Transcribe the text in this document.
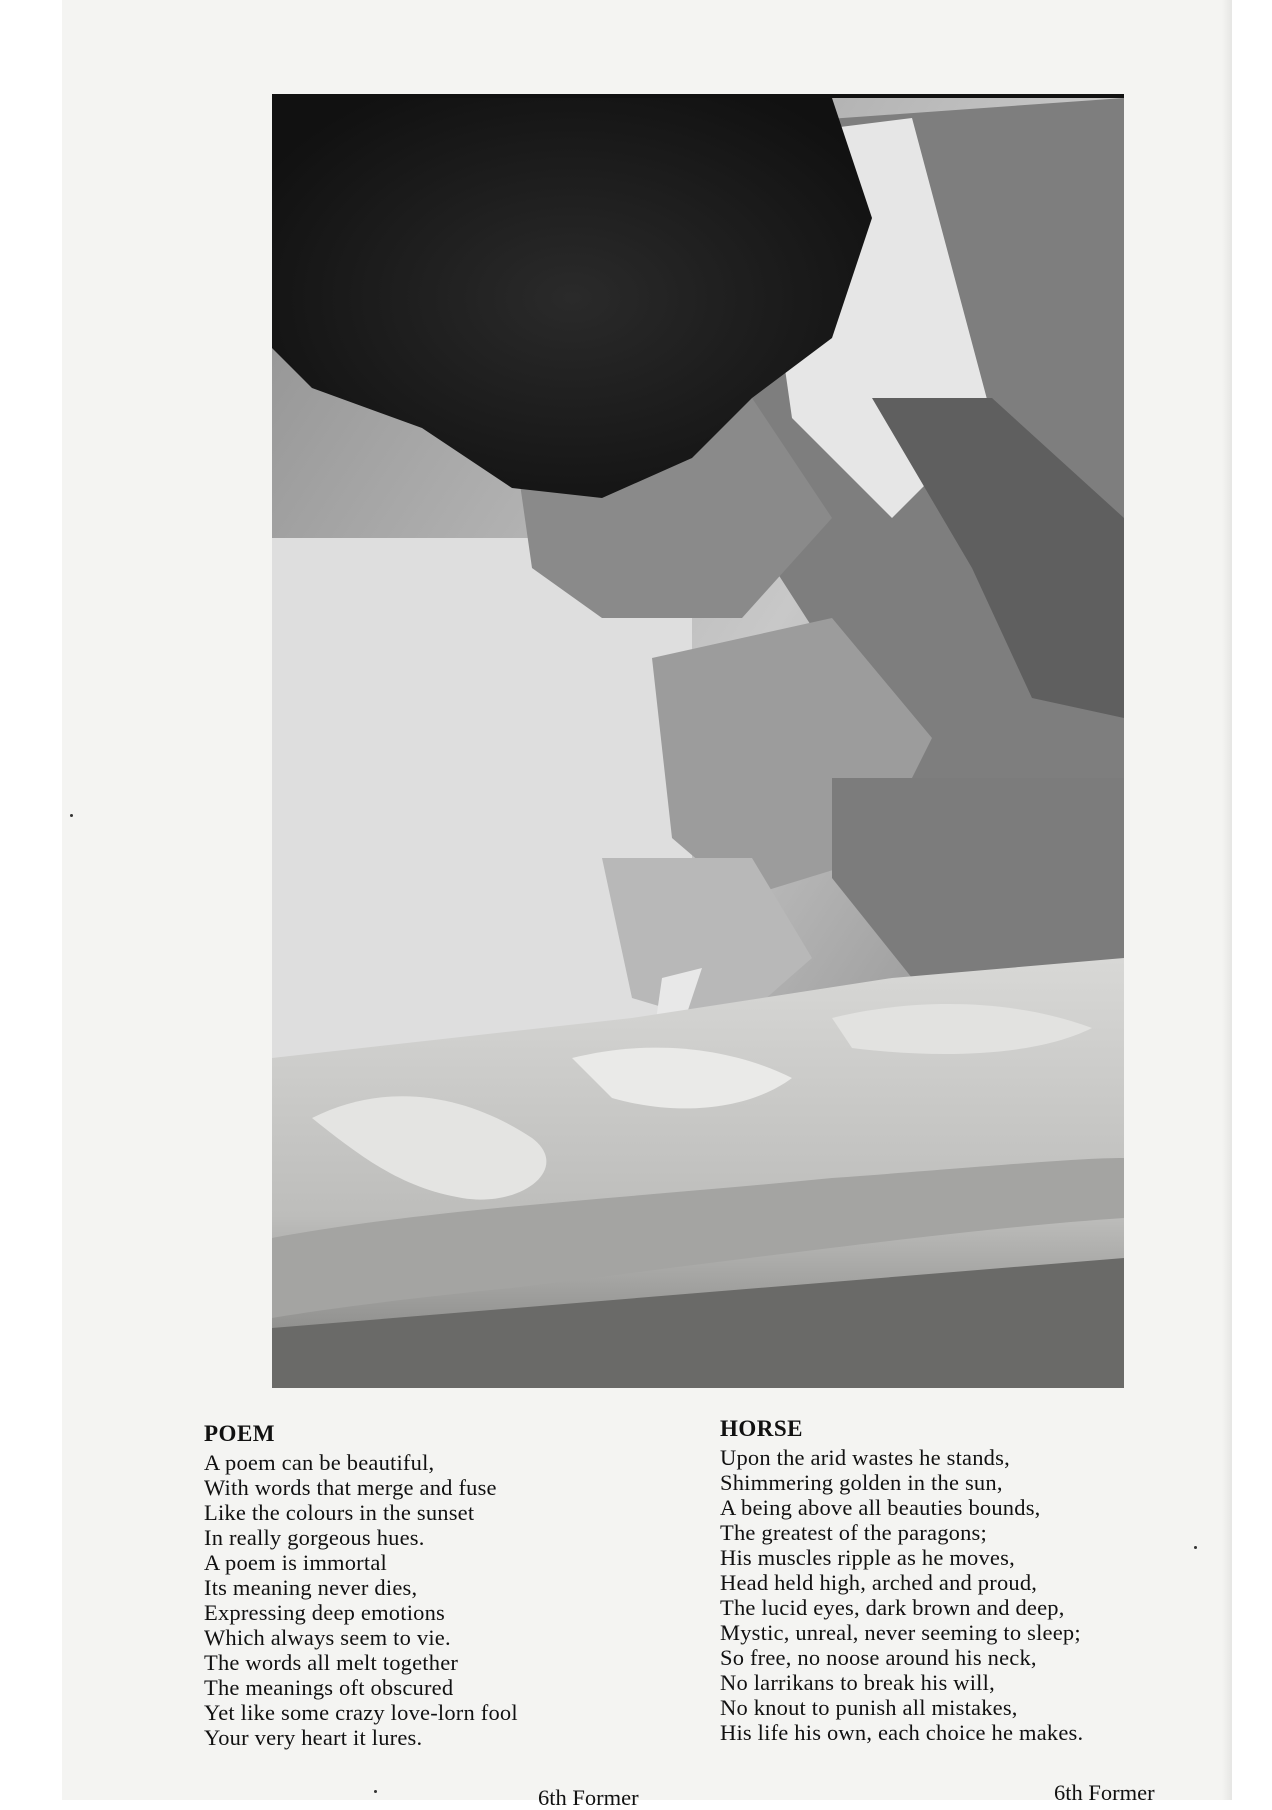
POEM
A poem can be beautiful,
With words that merge and fuse
Like the colours in the sunset
In really gorgeous hues.
A poem is immortal
Its meaning never dies,
Expressing deep emotions
Which always seem to vie.
The words all melt together
The meanings oft obscured
Yet like some crazy love-lorn fool
Your very heart it lures.
6th Former
HORSE
Upon the arid wastes he stands,
Shimmering golden in the sun,
A being above all beauties bounds,
The greatest of the paragons;
His muscles ripple as he moves,
Head held high, arched and proud,
The lucid eyes, dark brown and deep,
Mystic, unreal, never seeming to sleep;
So free, no noose around his neck,
No larrikans to break his will,
No knout to punish all mistakes,
His life his own, each choice he makes.
6th Former
